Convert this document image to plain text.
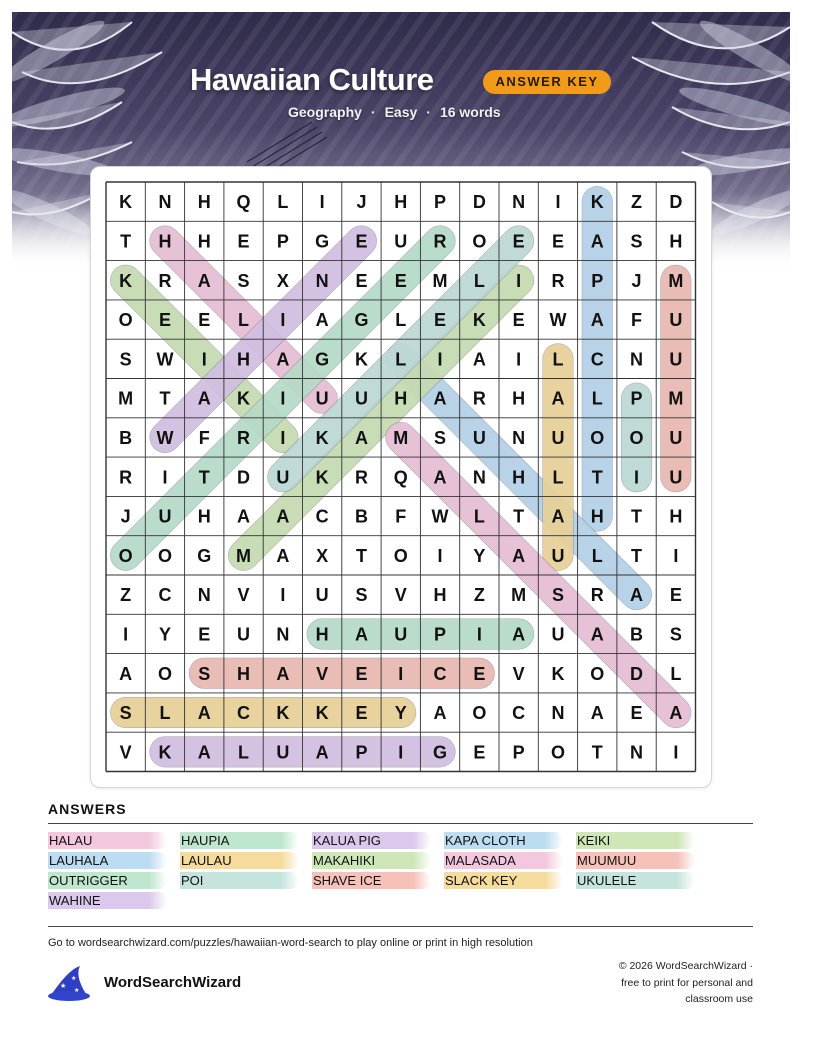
Hawaiian Culture	ANSWER KEY
Geography · Easy · 16 words
K N H Q L I J H P D N I K Z D
T H H E P G E U R O E E A S H
K R A S X N E E M L I R P J M
O E E L I A G L E K E W A F U
S W I H A G K L I A I L C N U
M T A K I U U H A R H A L P M
B W F R I K A M S U N U O O U
R I T D U K R Q A N H L T I U
J U H A A C B F W L T A H T H
O O G M A X T O I Y A U L T I
Z C N V I U S V H Z M S R A E
I Y E U N H A U P I A U A B S
A O S H A V E I C E V K O D L
S L A C K K E Y A O C N A E A
V K A L U A P I G E P O T N I
ANSWERS
HALAU	HAUPIA	KALUA PIG	KAPA CLOTH	KEIKI
LAUHALA	LAULAU	MAKAHIKI	MALASADA	MUUMUU
OUTRIGGER	POI	SHAVE ICE	SLACK KEY	UKULELE
WAHINE
Go to wordsearchwizard.com/puzzles/hawaiian-word-search to play online or print in high resolution
★
★
★ WordSearchWizard
© 2026 WordSearchWizard ·
free to print for personal and
classroom use
